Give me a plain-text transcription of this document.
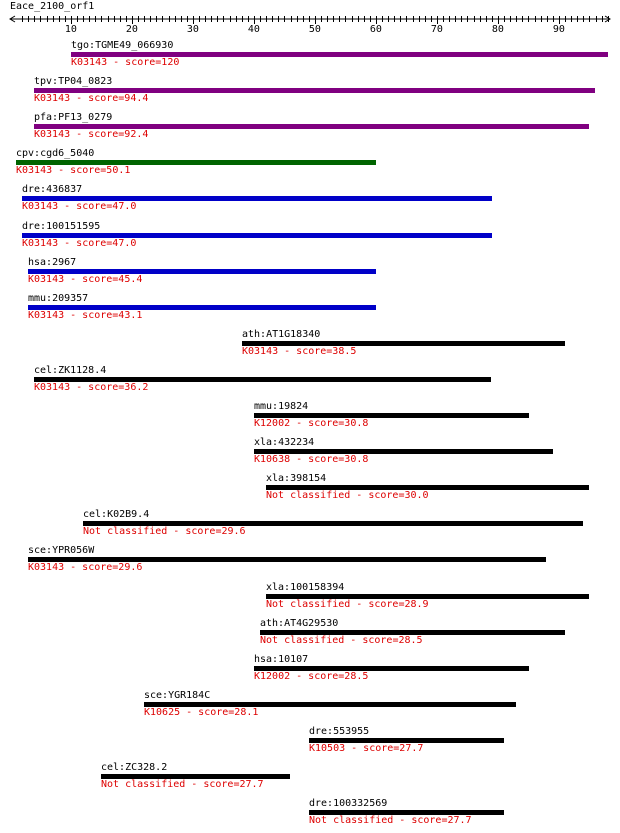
Eace_2100_orf1
10	20	30	40	50	60	70	80	90
tgo:TGME49_066930
K03143 - score=120
tpv:TP04_0823
K03143 - score=94.4
pfa:PF13_0279
K03143 - score=92.4
cpv:cgd6_5040
K03143 - score=50.1
dre:436837
K03143 - score=47.0
dre:100151595
K03143 - score=47.0
hsa:2967
K03143 - score=45.4
mmu:209357
K03143 - score=43.1
ath:AT1G18340
K03143 - score=38.5
cel:ZK1128.4
K03143 - score=36.2
mmu:19824
K12002 - score=30.8
xla:432234
K10638 - score=30.8
xla:398154
Not classified - score=30.0
cel:K02B9.4
Not classified - score=29.6
sce:YPR056W
K03143 - score=29.6
xla:100158394
Not classified - score=28.9
ath:AT4G29530
Not classified - score=28.5
hsa:10107
K12002 - score=28.5
sce:YGR184C
K10625 - score=28.1
dre:553955
K10503 - score=27.7
cel:ZC328.2
Not classified - score=27.7
dre:100332569
Not classified - score=27.7
